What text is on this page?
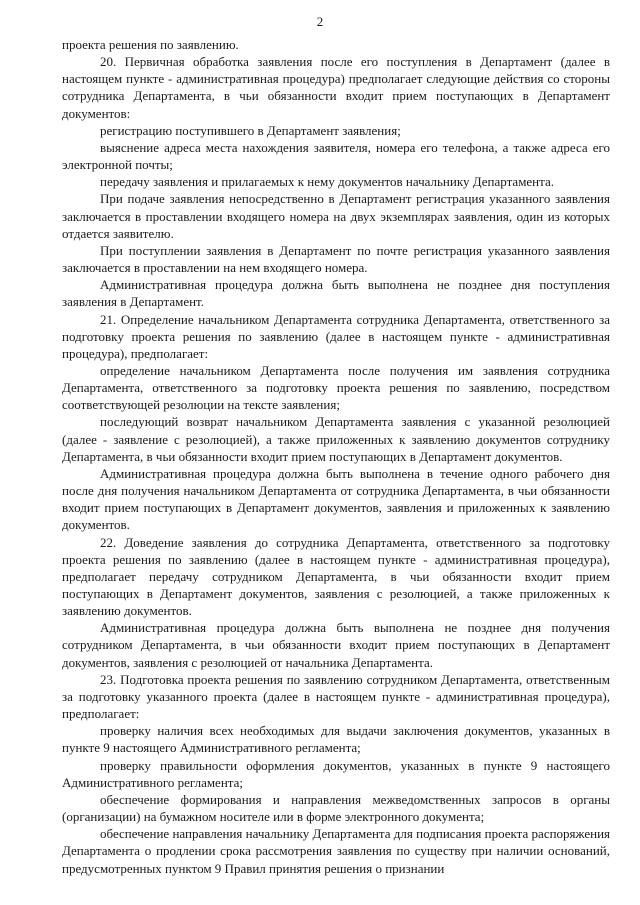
2

проекта решения по заявлению.

20. Первичная обработка заявления после его поступления в Департамент (далее в настоящем пункте - административная процедура) предполагает следующие действия со стороны сотрудника Департамента, в чьи обязанности входит прием поступающих в Департамент документов:

регистрацию поступившего в Департамент заявления;

выяснение адреса места нахождения заявителя, номера его телефона, а также адреса его электронной почты;

передачу заявления и прилагаемых к нему документов начальнику Департамента.

При подаче заявления непосредственно в Департамент регистрация указанного заявления заключается в проставлении входящего номера на двух экземплярах заявления, один из которых отдается заявителю.

При поступлении заявления в Департамент по почте регистрация указанного заявления заключается в проставлении на нем входящего номера.

Административная процедура должна быть выполнена не позднее дня поступления заявления в Департамент.

21. Определение начальником Департамента сотрудника Департамента, ответственного за подготовку проекта решения по заявлению (далее в настоящем пункте - административная процедура), предполагает:

определение начальником Департамента после получения им заявления сотрудника Департамента, ответственного за подготовку проекта решения по заявлению, посредством соответствующей резолюции на тексте заявления;

последующий возврат начальником Департамента заявления с указанной резолюцией (далее - заявление с резолюцией), а также приложенных к заявлению документов сотруднику Департамента, в чьи обязанности входит прием поступающих в Департамент документов.

Административная процедура должна быть выполнена в течение одного рабочего дня после дня получения начальником Департамента от сотрудника Департамента, в чьи обязанности входит прием поступающих в Департамент документов, заявления и приложенных к заявлению документов.

22. Доведение заявления до сотрудника Департамента, ответственного за подготовку проекта решения по заявлению (далее в настоящем пункте - административная процедура), предполагает передачу сотрудником Департамента, в чьи обязанности входит прием поступающих в Департамент документов, заявления с резолюцией, а также приложенных к заявлению документов.

Административная процедура должна быть выполнена не позднее дня получения сотрудником Департамента, в чьи обязанности входит прием поступающих в Департамент документов, заявления с резолюцией от начальника Департамента.

23. Подготовка проекта решения по заявлению сотрудником Департамента, ответственным за подготовку указанного проекта (далее в настоящем пункте - административная процедура), предполагает:

проверку наличия всех необходимых для выдачи заключения документов, указанных в пункте 9 настоящего Административного регламента;

проверку правильности оформления документов, указанных в пункте 9 настоящего Административного регламента;

обеспечение формирования и направления межведомственных запросов в органы (организации) на бумажном носителе или в форме электронного документа;

обеспечение направления начальнику Департамента для подписания проекта распоряжения Департамента о продлении срока рассмотрения заявления по существу при наличии оснований, предусмотренных пунктом 9 Правил принятия решения о признании
